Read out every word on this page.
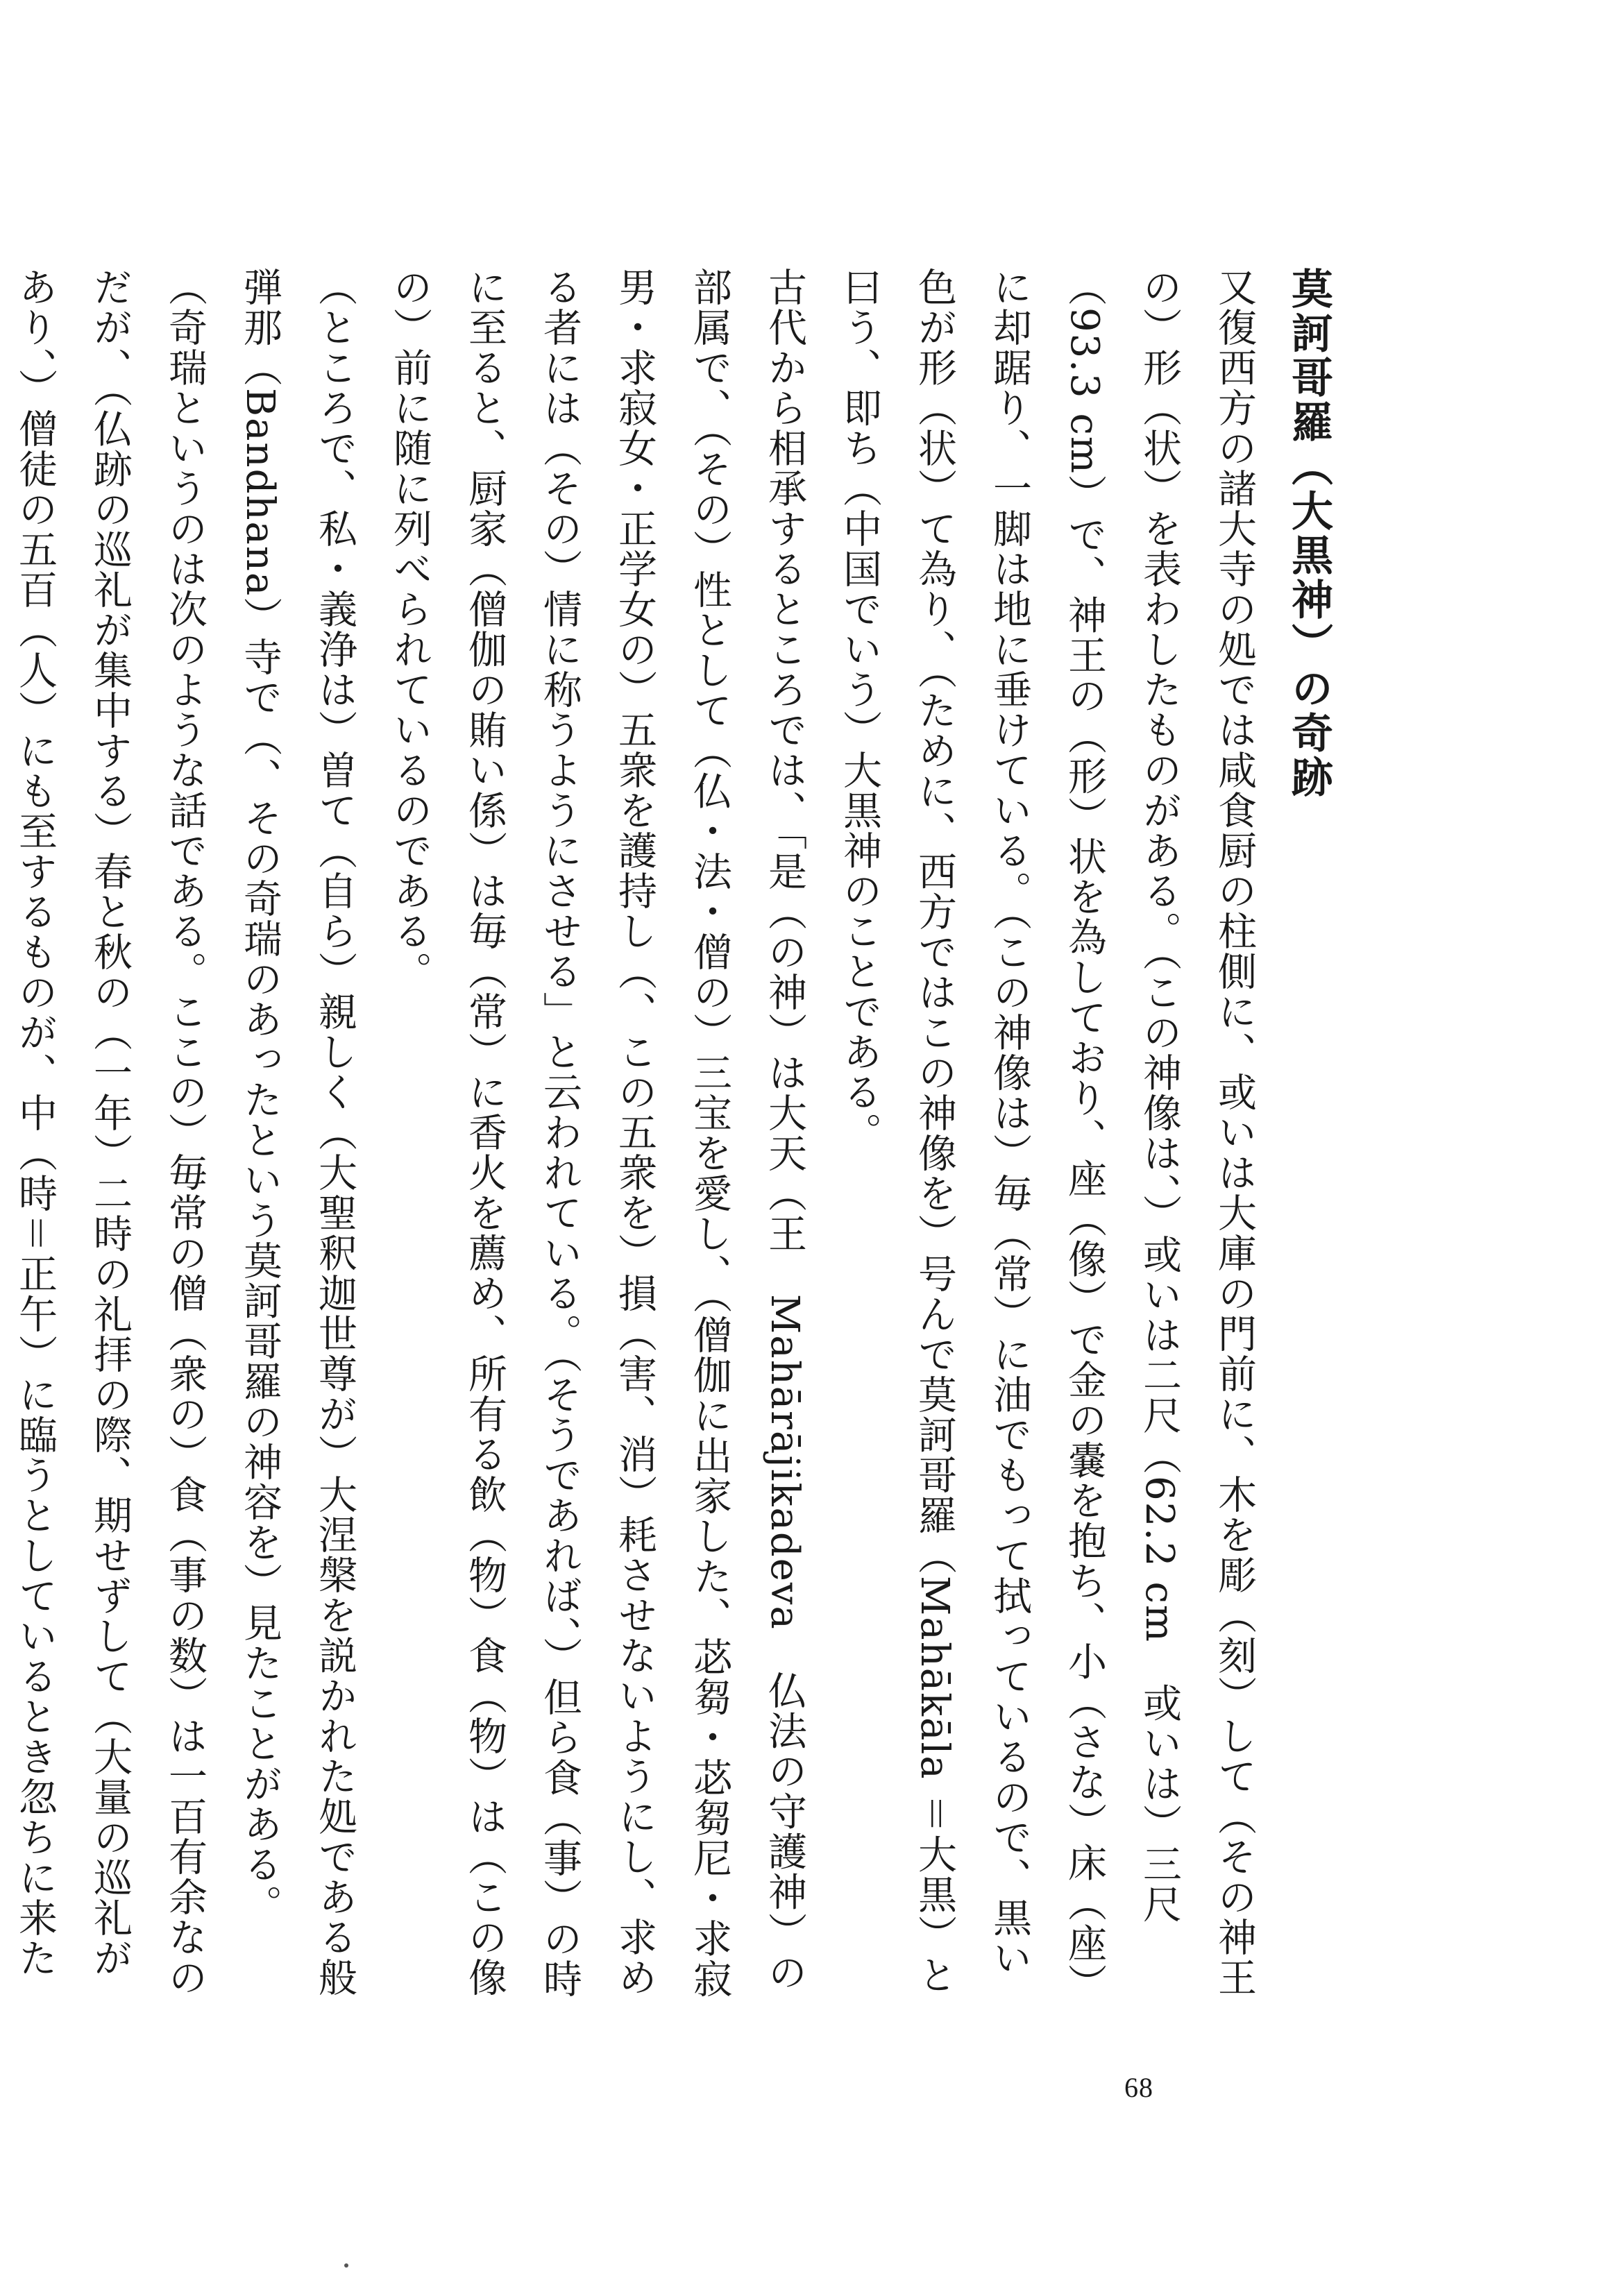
莫訶哥羅（大黒神）の奇跡

又復西方の諸大寺の処では咸食厨の柱側に、或いは大庫の門前に、木を彫（刻）して（その神王の）形（状）を表わしたものがある。（この神像は、）或いは二尺（62.2 cm　或いは）三尺（93.3 cm）で、神王の（形）状を為しており、座（像）で金の嚢を抱ち、小（さな）床（座）に却踞り、一脚は地に垂けている。（この神像は）毎（常）に油でもって拭っているので、黒い色が形（状）て為り、（ために、西方ではこの神像を）号んで莫訶哥羅（Mahākāla ＝大黒）と曰う、即ち（中国でいう）大黒神のことである。

古代から相承するところでは、「是（の神）は大天（王　Mahārājikadeva　仏法の守護神）の部属で、（その）性として（仏・法・僧の）三宝を愛し、（僧伽に出家した、苾芻・苾芻尼・求寂男・求寂女・正学女の）五衆を護持し（、この五衆を）損（害、消）耗させないようにし、求める者には（その）情に称うようにさせる」と云われている。（そうであれば、）但ら食（事）の時に至ると、厨家（僧伽の賄い係）は毎（常）に香火を薦め、所有る飲（物）食（物）は（この像の）前に随に列べられているのである。

（ところで、私・義浄は）曽て（自ら）親しく（大聖釈迦世尊が）大涅槃を説かれた処である般弾那（Bandhana）寺で（、その奇瑞のあったという莫訶哥羅の神容を）見たことがある。

（奇瑞というのは次のような話である。ここの）毎常の僧（衆の）食（事の数）は一百有余なのだが、（仏跡の巡礼が集中する）春と秋の（一年）二時の礼拝の際、期せずして（大量の巡礼があり、）僧徒の五百（人）にも至するものが、中（時＝正午）に臨うとしているとき忽ちに来た　

68
